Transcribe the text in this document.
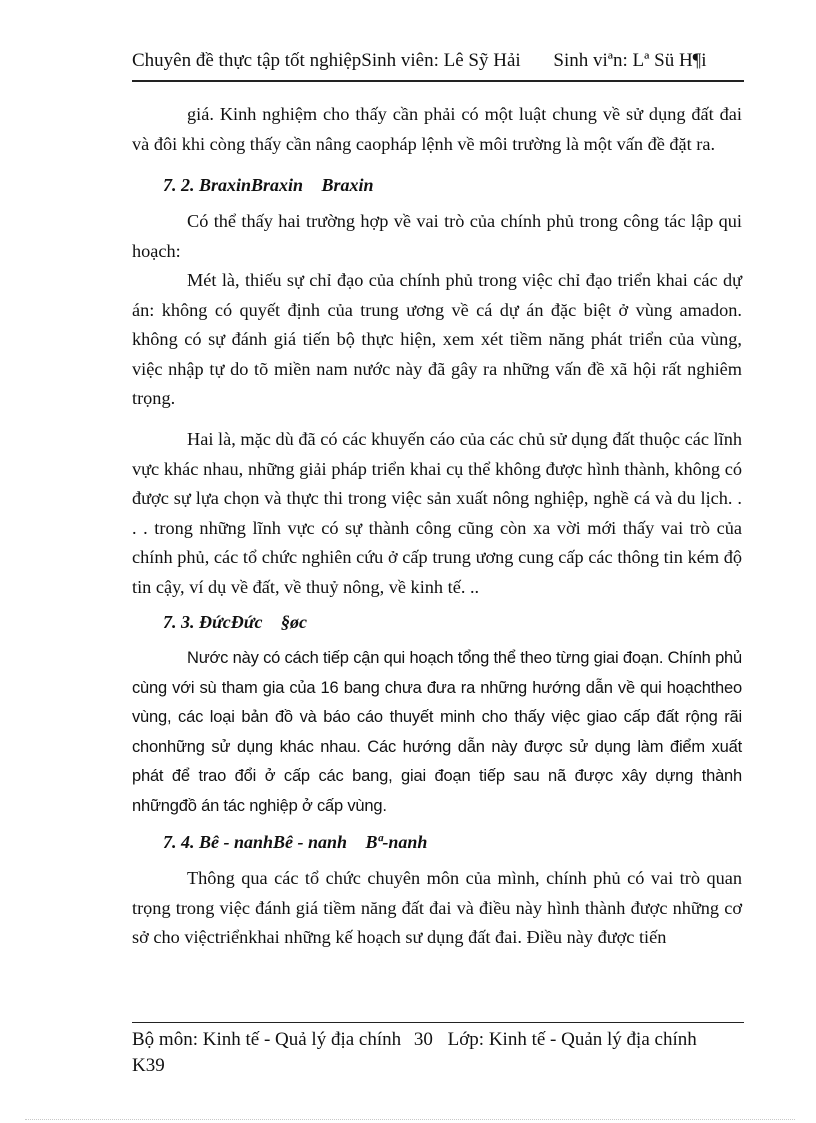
Chuyên đề thực tập tốt nghiệpSinh viên: Lê Sỹ Hải Sinh viªn: Lª Sü H¶i
giá. Kinh nghiệm cho thấy cần phải có một luật chung về sử dụng đất đai và đôi khi còng thấy cần nâng caopháp lệnh về môi trường là một vấn đề đặt ra.
7. 2. BraxinBraxin Braxin
Có thể thấy hai trường hợp về vai trò của chính phủ trong công tác lập qui hoạch:
Mét là, thiếu sự chỉ đạo của chính phủ trong việc chỉ đạo triển khai các dự án: không có quyết định của trung ương về cá dự án đặc biệt ở vùng amadon. không có sự đánh giá tiến bộ thực hiện, xem xét tiềm năng phát triển của vùng, việc nhập tự do tõ miền nam nước này đã gây ra những vấn đề xã hội rất nghiêm trọng.
Hai là, mặc dù đã có các khuyến cáo của các chủ sử dụng đất thuộc các lĩnh vực khác nhau, những giải pháp triển khai cụ thể không được hình thành, không có được sự lựa chọn và thực thi trong việc sản xuất nông nghiệp, nghề cá và du lịch. . . . trong những lĩnh vực có sự thành công cũng còn xa vời mới thấy vai trò của chính phủ, các tổ chức nghiên cứu ở cấp trung ương cung cấp các thông tin kém độ tin cậy, ví dụ về đất, về thuỷ nông, về kinh tế. ..
7. 3. ĐứcĐức §øc
Nước này có cách tiếp cận qui hoạch tổng thể theo từng giai đoạn. Chính phủ cùng với sù tham gia của 16 bang chưa đưa ra những hướng dẫn về qui hoạchtheo vùng, các loại bản đồ và báo cáo thuyết minh cho thấy việc giao cấp đất rộng rãi chonhững sử dụng khác nhau. Các hướng dẫn này được sử dụng làm điểm xuất phát để trao đổi ở cấp các bang, giai đoạn tiếp sau nã được xây dựng thành nhữngđồ án tác nghiệp ở cấp vùng.
7. 4. Bê - nanhBê - nanh Bª-nanh
Thông qua các tổ chức chuyên môn của mình, chính phủ có vai trò quan trọng trong việc đánh giá tiềm năng đất đai và điều này hình thành được những cơ sở cho việctriểnkhai những kế hoạch sư dụng đất đai. Điều này được tiến
Bộ môn: Kinh tế - Quả lý địa chính 30 Lớp: Kinh tế - Quản lý địa chính
K39
